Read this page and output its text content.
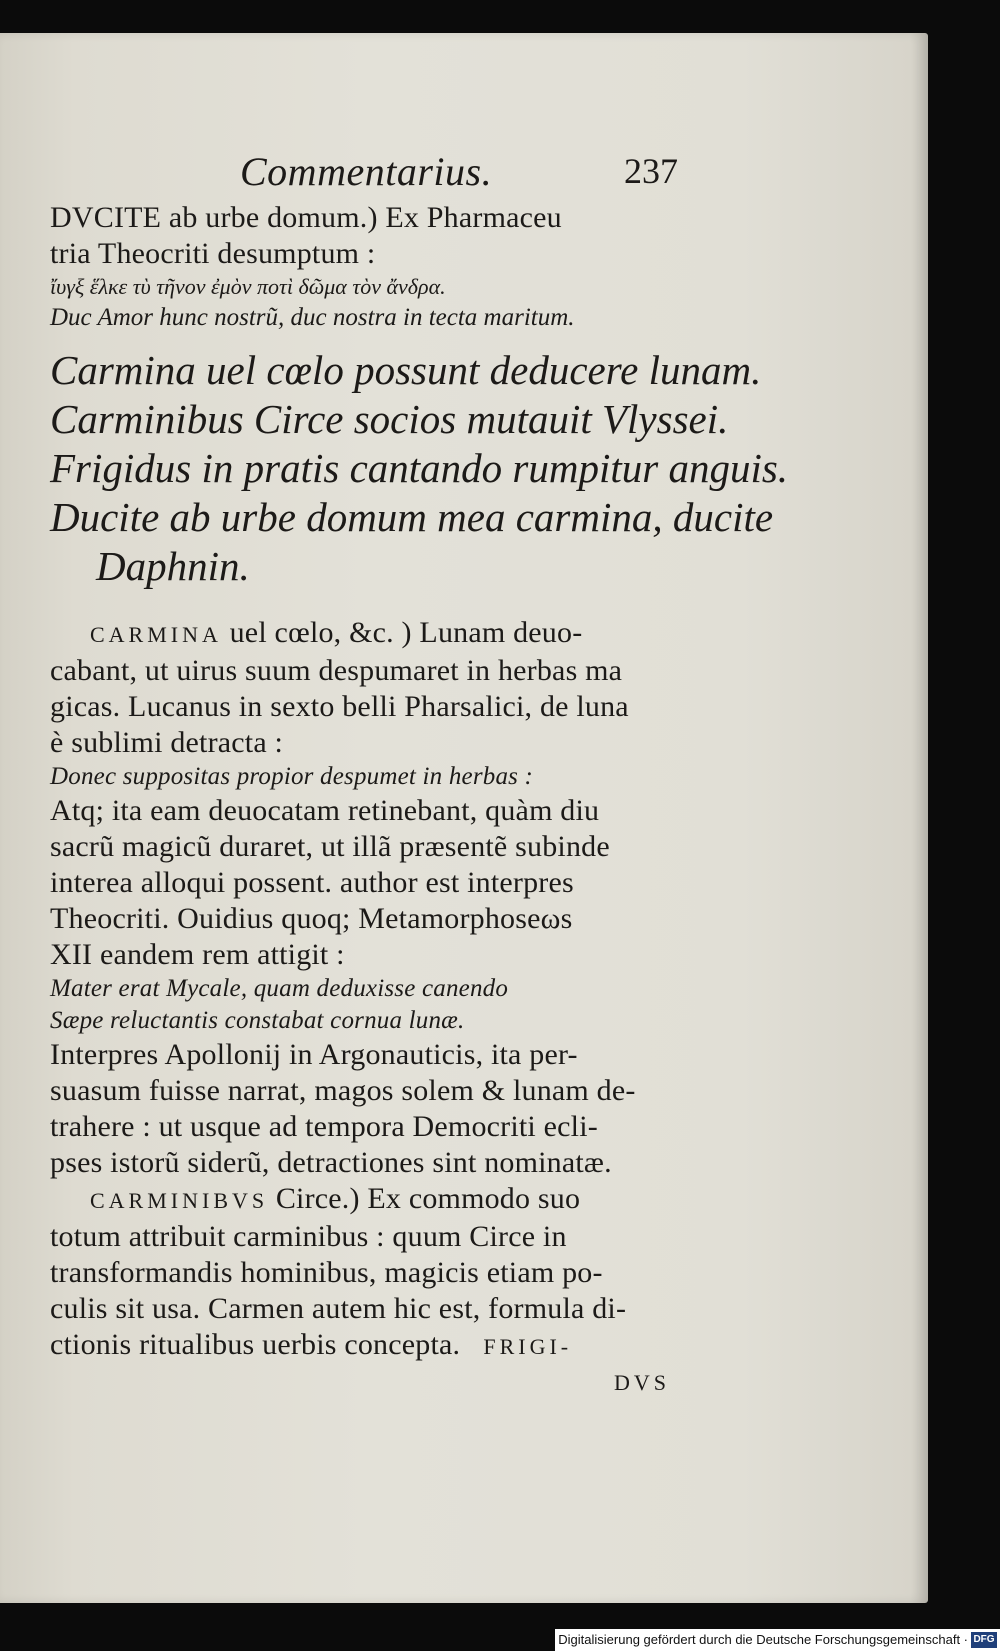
Commentarius.	237
DVCITE ab urbe domum.) Ex Pharmaceu
tria Theocriti desumptum :
ἴυγξ ἕλκε τὺ τῆνον ἐμὸν ποτὶ δῶμα τὸν ἄνδρα.
Duc Amor hunc nostrũ, duc nostra in tecta maritum.
Carmina uel cœlo possunt deducere lunam.
Carminibus Circe socios mutauit Vlyssei.
Frigidus in pratis cantando rumpitur anguis.
Ducite ab urbe domum mea carmina, ducite
Daphnin.
CARMINA uel cœlo, &c. ) Lunam deuo-
cabant, ut uirus suum despumaret in herbas ma
gicas. Lucanus in sexto belli Pharsalici, de luna
è sublimi detracta :
Donec suppositas propior despumet in herbas :
Atq; ita eam deuocatam retinebant, quàm diu
sacrũ magicũ duraret, ut illã præsentẽ subinde
interea alloqui possent. author est interpres
Theocriti. Ouidius quoq; Metamorphoseωs
XII eandem rem attigit :
Mater erat Mycale, quam deduxisse canendo
Sæpe reluctantis constabat cornua lunæ.
Interpres Apollonij in Argonauticis, ita per-
suasum fuisse narrat, magos solem & lunam de-
trahere : ut usque ad tempora Democriti ecli-
pses istorũ siderũ, detractiones sint nominatæ.
CARMINIBVS Circe.) Ex commodo suo
totum attribuit carminibus : quum Circe in
transformandis hominibus, magicis etiam po-
culis sit usa. Carmen autem hic est, formula di-
ctionis ritualibus uerbis concepta. FRIGI-
DVS
Digitalisierung gefördert durch die Deutsche Forschungsgemeinschaft · DFG
